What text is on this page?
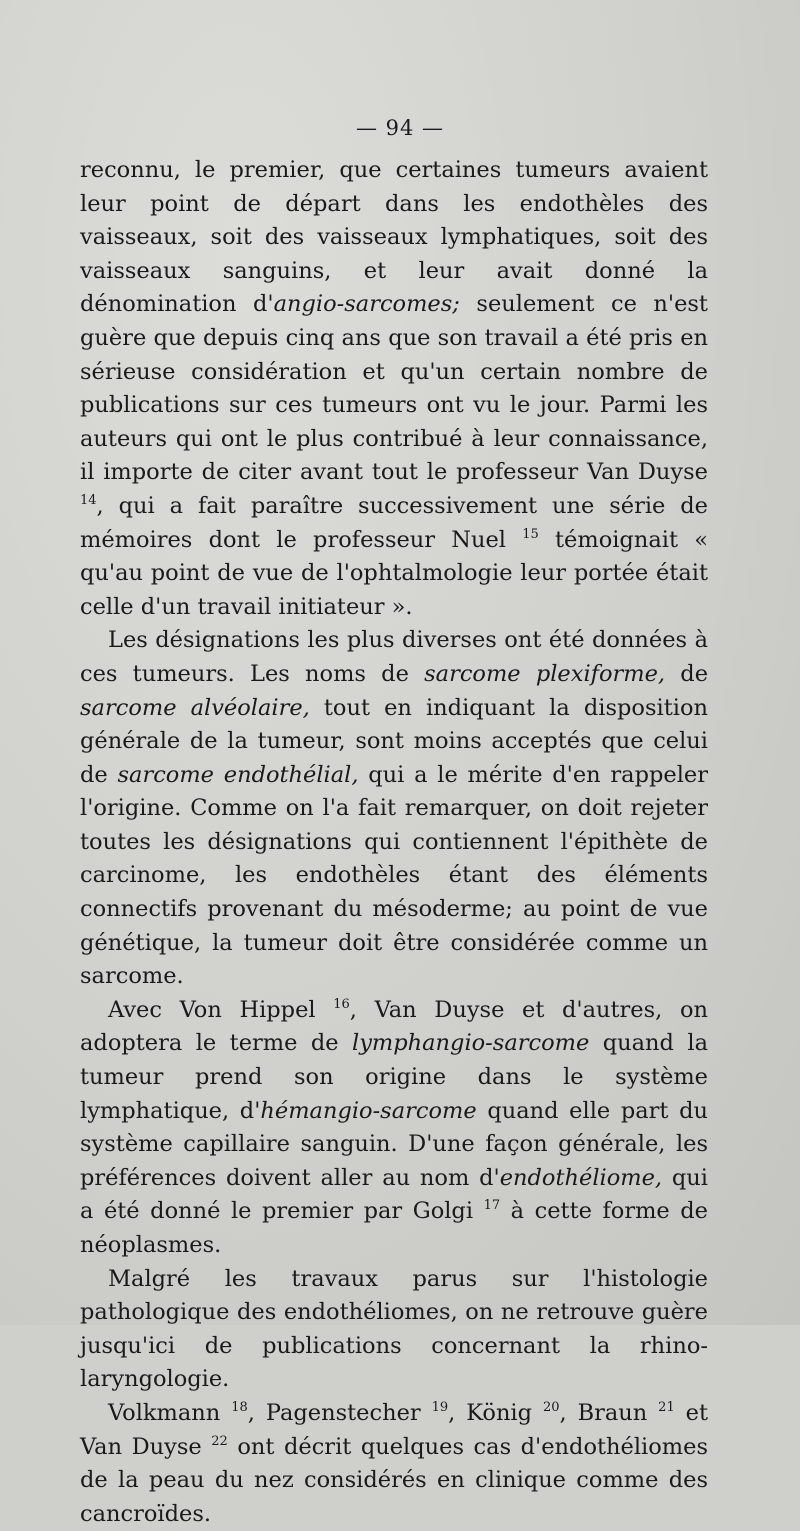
— 94 —

reconnu, le premier, que certaines tumeurs avaient leur point de départ dans les endothèles des vaisseaux, soit des vaisseaux lymphatiques, soit des vaisseaux sanguins, et leur avait donné la dénomination d'angio-sarcomes; seulement ce n'est guère que depuis cinq ans que son travail a été pris en sérieuse considération et qu'un certain nombre de publications sur ces tumeurs ont vu le jour. Parmi les auteurs qui ont le plus contribué à leur connaissance, il importe de citer avant tout le professeur Van Duyse $^{14}$, qui a fait paraître successivement une série de mémoires dont le professeur Nuel $^{15}$ témoignait « qu'au point de vue de l'ophtalmologie leur portée était celle d'un travail initiateur ».

Les désignations les plus diverses ont été données à ces tumeurs. Les noms de sarcome plexiforme, de sarcome alvéolaire, tout en indiquant la disposition générale de la tumeur, sont moins acceptés que celui de sarcome endothélial, qui a le mérite d'en rappeler l'origine. Comme on l'a fait remarquer, on doit rejeter toutes les désignations qui contiennent l'épithète de carcinome, les endothèles étant des éléments connectifs provenant du mésoderme; au point de vue génétique, la tumeur doit être considérée comme un sarcome.

Avec Von Hippel $^{16}$, Van Duyse et d'autres, on adoptera le terme de lymphangio-sarcome quand la tumeur prend son origine dans le système lymphatique, d'hémangio-sarcome quand elle part du système capillaire sanguin. D'une façon générale, les préférences doivent aller au nom d'endothéliome, qui a été donné le premier par Golgi $^{17}$ à cette forme de néoplasmes.

Malgré les travaux parus sur l'histologie pathologique des endothéliomes, on ne retrouve guère jusqu'ici de publications concernant la rhino-laryngologie.

Volkmann $^{18}$, Pagenstecher $^{19}$, König $^{20}$, Braun $^{21}$ et Van Duyse $^{22}$ ont décrit quelques cas d'endothéliomes de la peau du nez considérés en clinique comme des cancroïdes.
